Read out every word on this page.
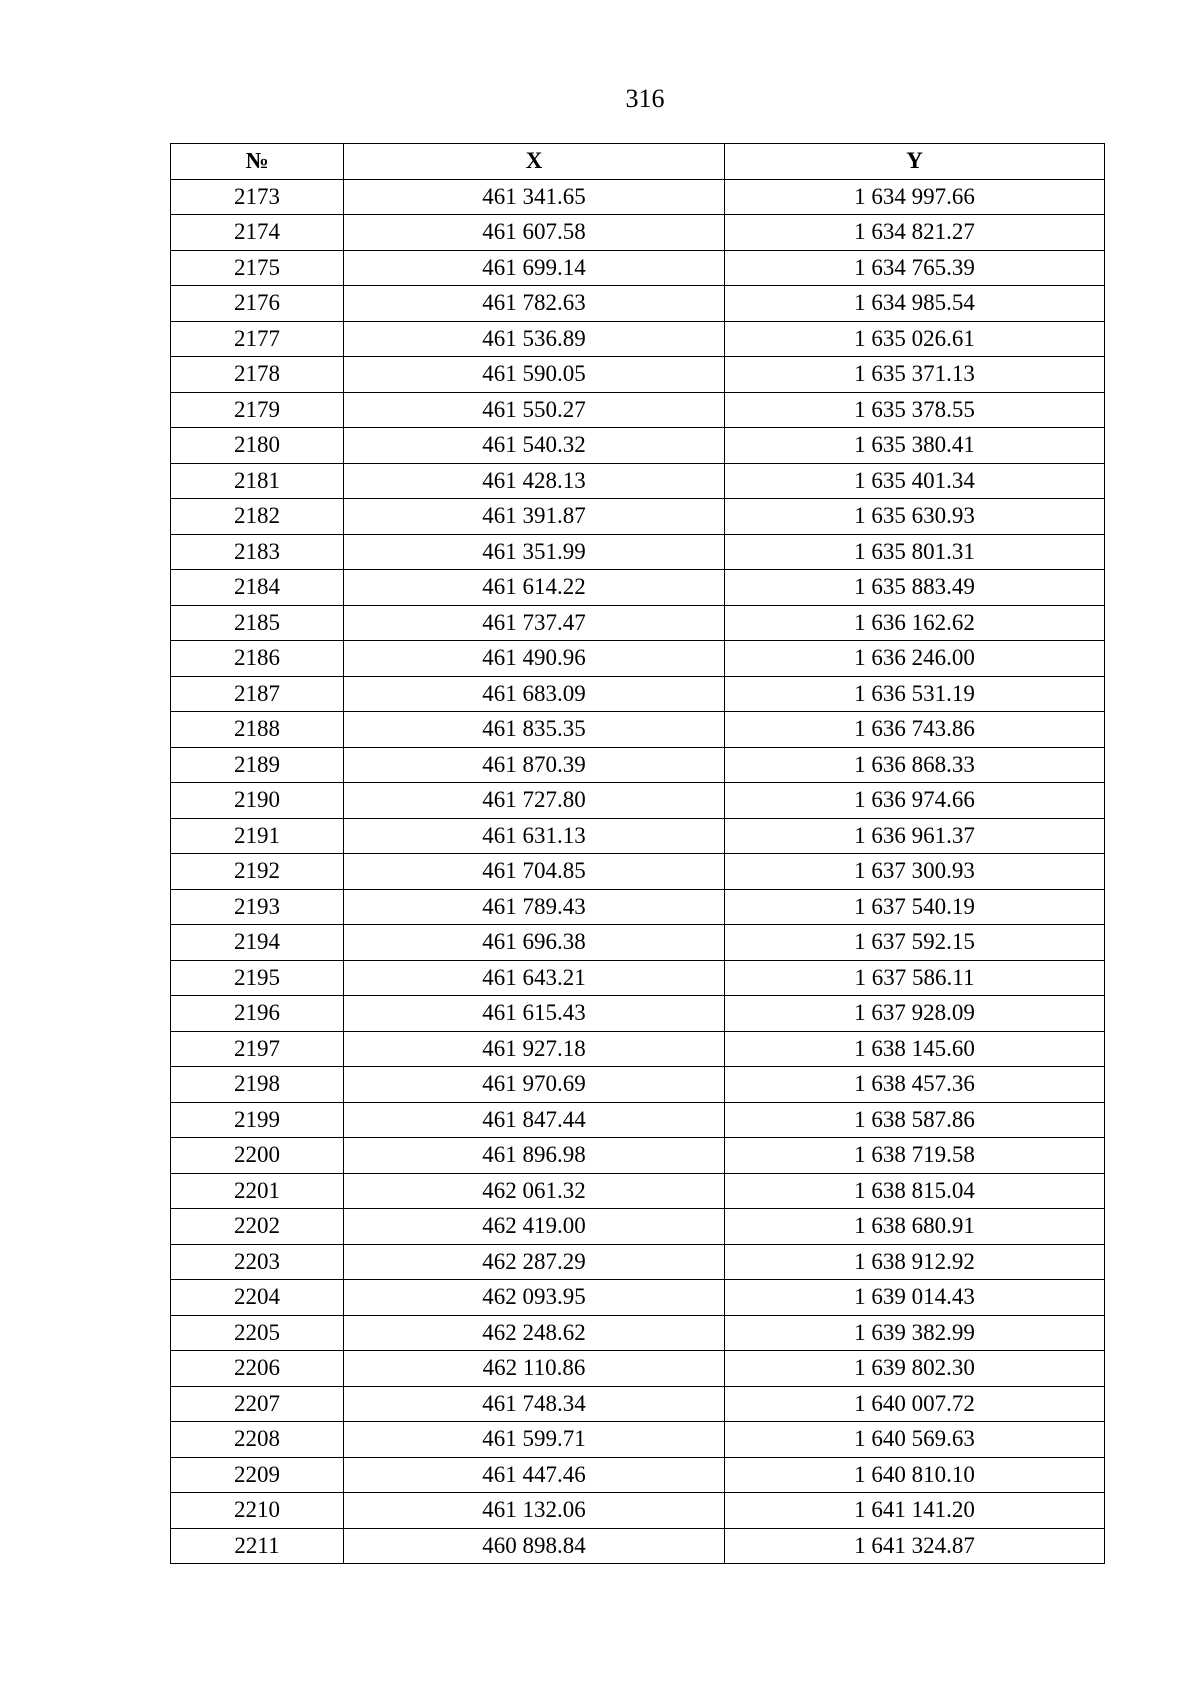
316
№	X	Y
2173	461 341.65	1 634 997.66
2174	461 607.58	1 634 821.27
2175	461 699.14	1 634 765.39
2176	461 782.63	1 634 985.54
2177	461 536.89	1 635 026.61
2178	461 590.05	1 635 371.13
2179	461 550.27	1 635 378.55
2180	461 540.32	1 635 380.41
2181	461 428.13	1 635 401.34
2182	461 391.87	1 635 630.93
2183	461 351.99	1 635 801.31
2184	461 614.22	1 635 883.49
2185	461 737.47	1 636 162.62
2186	461 490.96	1 636 246.00
2187	461 683.09	1 636 531.19
2188	461 835.35	1 636 743.86
2189	461 870.39	1 636 868.33
2190	461 727.80	1 636 974.66
2191	461 631.13	1 636 961.37
2192	461 704.85	1 637 300.93
2193	461 789.43	1 637 540.19
2194	461 696.38	1 637 592.15
2195	461 643.21	1 637 586.11
2196	461 615.43	1 637 928.09
2197	461 927.18	1 638 145.60
2198	461 970.69	1 638 457.36
2199	461 847.44	1 638 587.86
2200	461 896.98	1 638 719.58
2201	462 061.32	1 638 815.04
2202	462 419.00	1 638 680.91
2203	462 287.29	1 638 912.92
2204	462 093.95	1 639 014.43
2205	462 248.62	1 639 382.99
2206	462 110.86	1 639 802.30
2207	461 748.34	1 640 007.72
2208	461 599.71	1 640 569.63
2209	461 447.46	1 640 810.10
2210	461 132.06	1 641 141.20
2211	460 898.84	1 641 324.87
